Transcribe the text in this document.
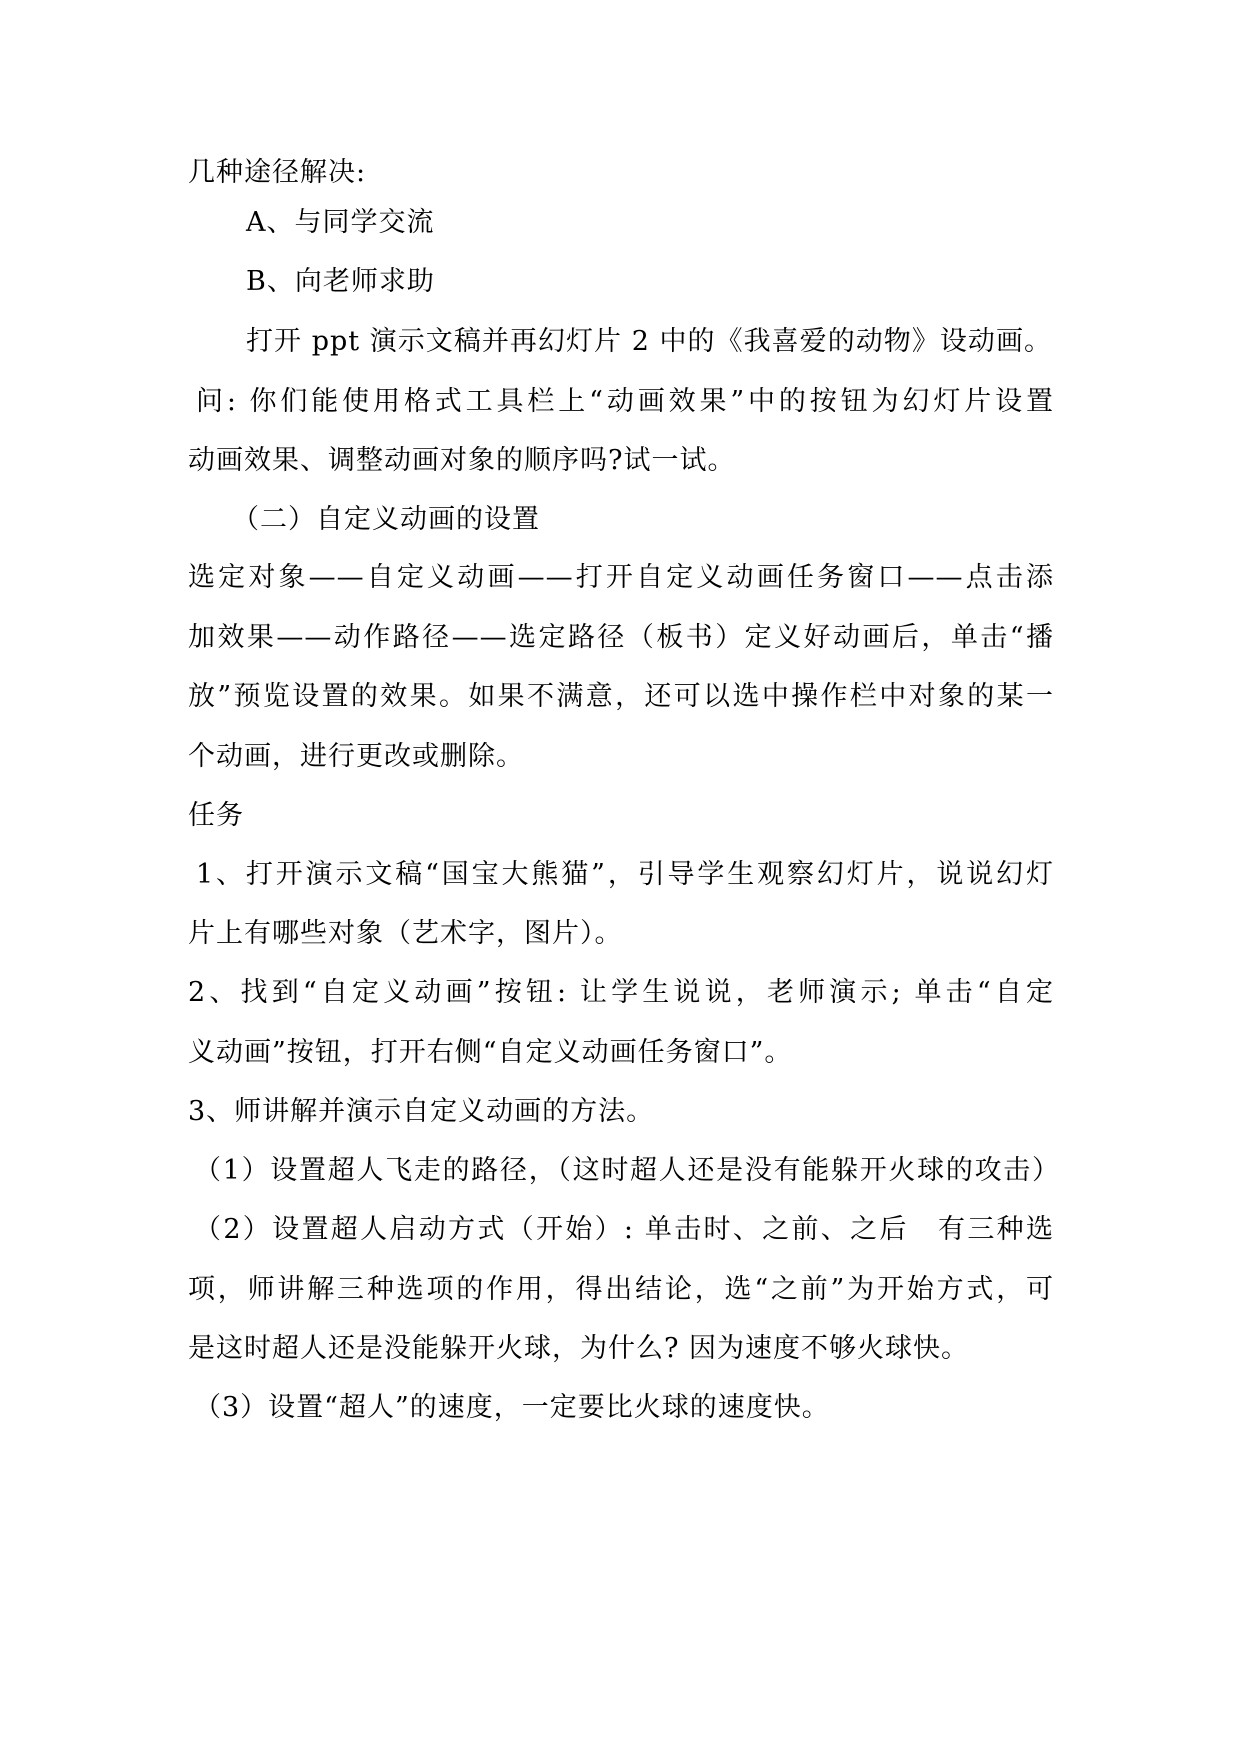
几种途径解决:
A、与同学交流
B、向老师求助
打开 ppt 演示文稿并再幻灯片 2 中的《我喜爱的动物》设动画。
问: 你们能使用格式工具栏上“动画效果”中的按钮为幻灯片设置
动画效果、调整动画对象的顺序吗?试一试。
（二）自定义动画的设置
选定对象——自定义动画——打开自定义动画任务窗口——点击添
加效果——动作路径——选定路径（板书）定义好动画后，单击“播
放”预览设置的效果。如果不满意，还可以选中操作栏中对象的某一
个动画，进行更改或删除。
任务
1、打开演示文稿“国宝大熊猫”，引导学生观察幻灯片，说说幻灯
片上有哪些对象（艺术字，图片）。
2、找到“自定义动画”按钮: 让学生说说，老师演示; 单击“自定
义动画”按钮，打开右侧“自定义动画任务窗口”。
3、师讲解并演示自定义动画的方法。
（1）设置超人飞走的路径，（这时超人还是没有能躲开火球的攻击）
（2）设置超人启动方式（开始）: 单击时、之前、之后　有三种选
项，师讲解三种选项的作用，得出结论，选“之前”为开始方式，可
是这时超人还是没能躲开火球，为什么? 因为速度不够火球快。
（3）设置“超人”的速度，一定要比火球的速度快。
